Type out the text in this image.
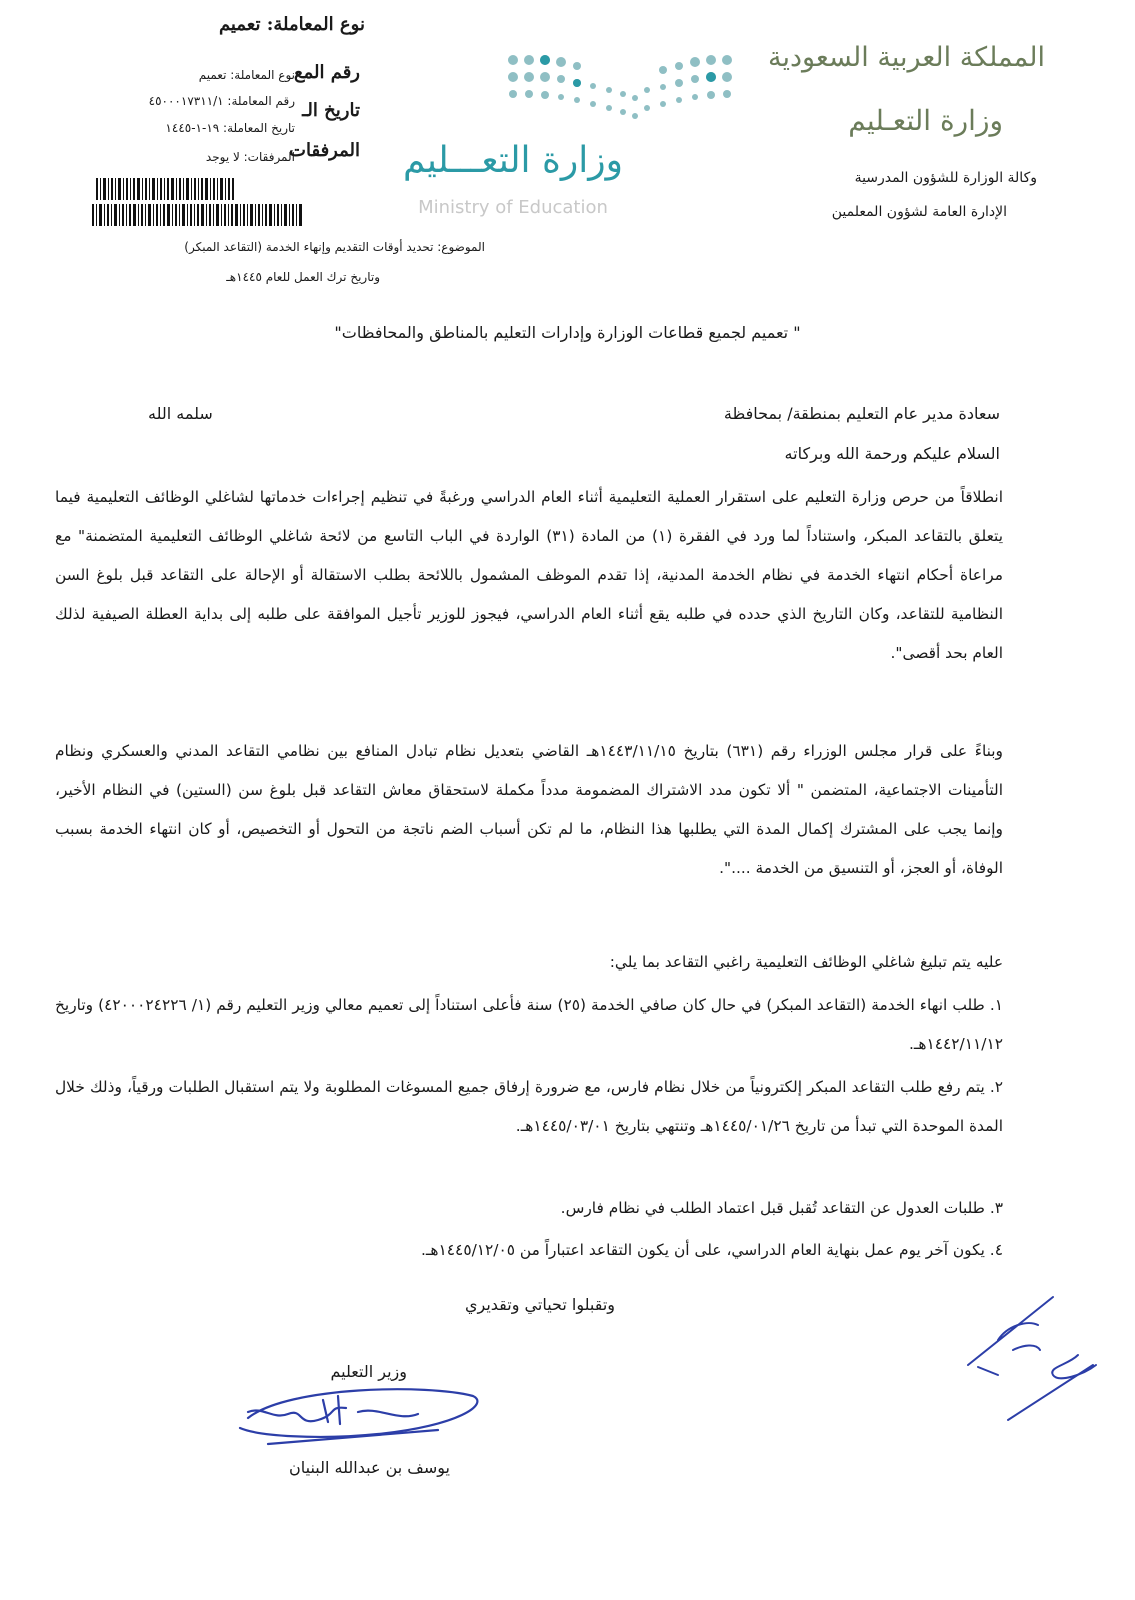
المملكة العربية السعودية
وزارة التعـليم
وكالة الوزارة للشؤون المدرسية
الإدارة العامة لشؤون المعلمين
وزارة التعـــليم
Ministry of Education
نوع المعاملة: تعميم
رقم المع
تاريخ الـ
المرفقات
نوع المعاملة: تعميم
رقم المعاملة: ٤٥٠٠٠١٧٣١١/١
تاريخ المعاملة: ١٩-١-١٤٤٥
المرفقات: لا يوجد
الموضوع: تحديد أوقات التقديم وإنهاء الخدمة (التقاعد المبكر)
وتاريخ ترك العمل للعام ١٤٤٥هـ
" تعميم لجميع قطاعات الوزارة وإدارات التعليم بالمناطق والمحافظات"
سعادة مدير عام التعليم بمنطقة/ بمحافظة
سلمه الله
السلام عليكم ورحمة الله وبركاته
انطلاقاً من حرص وزارة التعليم على استقرار العملية التعليمية أثناء العام الدراسي ورغبةً في تنظيم إجراءات خدماتها لشاغلي الوظائف التعليمية فيما يتعلق بالتقاعد المبكر، واستناداً لما ورد في الفقرة (١) من المادة (٣١) الواردة في الباب التاسع من لائحة شاغلي الوظائف التعليمية المتضمنة" مع مراعاة أحكام انتهاء الخدمة في نظام الخدمة المدنية، إذا تقدم الموظف المشمول باللائحة بطلب الاستقالة أو الإحالة على التقاعد قبل بلوغ السن النظامية للتقاعد، وكان التاريخ الذي حدده في طلبه يقع أثناء العام الدراسي، فيجوز للوزير تأجيل الموافقة على طلبه إلى بداية العطلة الصيفية لذلك العام بحد أقصى".
وبناءً على قرار مجلس الوزراء رقم (٦٣١) بتاريخ ١٤٤٣/١١/١٥هـ القاضي بتعديل نظام تبادل المنافع بين نظامي التقاعد المدني والعسكري ونظام التأمينات الاجتماعية، المتضمن " ألا تكون مدد الاشتراك المضمومة مدداً مكملة لاستحقاق معاش التقاعد قبل بلوغ سن (الستين) في النظام الأخير، وإنما يجب على المشترك إكمال المدة التي يطلبها هذا النظام، ما لم تكن أسباب الضم ناتجة من التحول أو التخصيص، أو كان انتهاء الخدمة بسبب الوفاة، أو العجز، أو التنسيق من الخدمة ....".
عليه يتم تبليغ شاغلي الوظائف التعليمية راغبي التقاعد بما يلي:
١. طلب انهاء الخدمة (التقاعد المبكر) في حال كان صافي الخدمة (٢٥) سنة فأعلى استناداً إلى تعميم معالي وزير التعليم رقم (١/ ٤٢٠٠٠٢٤٢٢٦) وتاريخ ١٤٤٢/١١/١٢هـ.
٢. يتم رفع طلب التقاعد المبكر إلكترونياً من خلال نظام فارس، مع ضرورة إرفاق جميع المسوغات المطلوبة ولا يتم استقبال الطلبات ورقياً، وذلك خلال المدة الموحدة التي تبدأ من تاريخ ١٤٤٥/٠١/٢٦هـ وتنتهي بتاريخ ١٤٤٥/٠٣/٠١هـ.
٣. طلبات العدول عن التقاعد تُقبل قبل اعتماد الطلب في نظام فارس.
٤. يكون آخر يوم عمل بنهاية العام الدراسي، على أن يكون التقاعد اعتباراً من ١٤٤٥/١٢/٠٥هـ.
وتقبلوا تحياتي وتقديري
وزير التعليم
يوسف بن عبدالله البنيان
